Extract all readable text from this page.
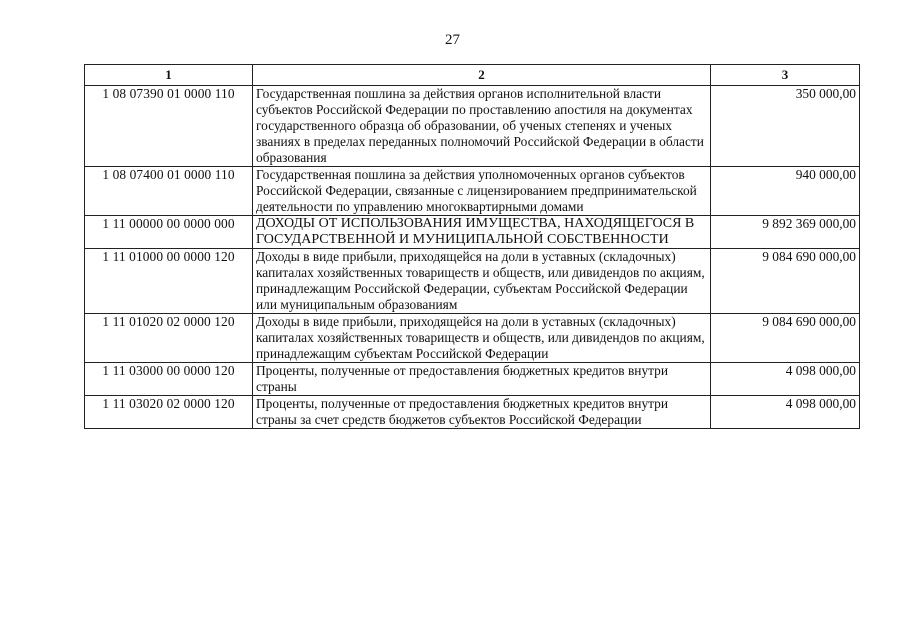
27
1	2	3
1 08 07390 01 0000 110	Государственная пошлина за действия органов исполнительной власти субъектов Российской Федерации по проставлению апостиля на документах государственного образца об образовании, об ученых степенях и ученых званиях в пределах переданных полномочий Российской Федерации в области образования	350 000,00
1 08 07400 01 0000 110	Государственная пошлина за действия уполномоченных органов субъектов Российской Федерации, связанные с лицензированием предпринимательской деятельности по управлению многоквартирными домами	940 000,00
1 11 00000 00 0000 000	ДОХОДЫ ОТ ИСПОЛЬЗОВАНИЯ ИМУЩЕСТВА, НАХОДЯЩЕГОСЯ В ГОСУДАРСТВЕННОЙ И МУНИЦИПАЛЬНОЙ СОБСТВЕННОСТИ	9 892 369 000,00
1 11 01000 00 0000 120	Доходы в виде прибыли, приходящейся на доли в уставных (складочных) капиталах хозяйственных товариществ и обществ, или дивидендов по акциям, принадлежащим Российской Федерации, субъектам Российской Федерации или муниципальным образованиям	9 084 690 000,00
1 11 01020 02 0000 120	Доходы в виде прибыли, приходящейся на доли в уставных (складочных) капиталах хозяйственных товариществ и обществ, или дивидендов по акциям, принадлежащим субъектам Российской Федерации	9 084 690 000,00
1 11 03000 00 0000 120	Проценты, полученные от предоставления бюджетных кредитов внутри страны	4 098 000,00
1 11 03020 02 0000 120	Проценты, полученные от предоставления бюджетных кредитов внутри страны за счет средств бюджетов субъектов Российской Федерации	4 098 000,00
